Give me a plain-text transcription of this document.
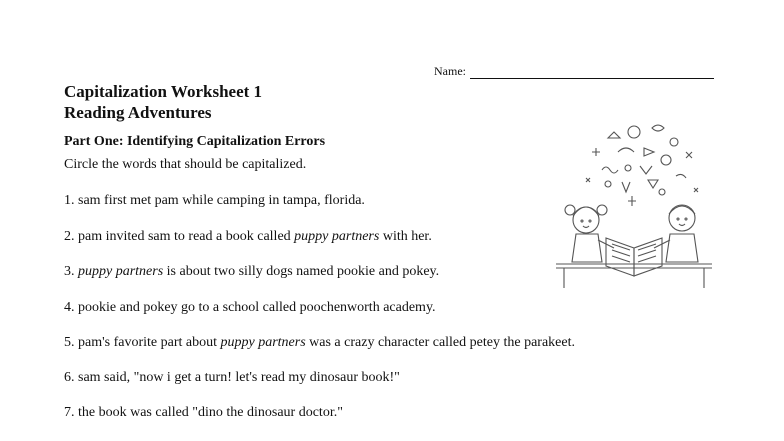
Name:
Capitalization Worksheet 1
Reading Adventures
Part One: Identifying Capitalization Errors
Circle the words that should be capitalized.
1. sam first met pam while camping in tampa, florida.
2. pam invited sam to read a book called puppy partners with her.
3. puppy partners is about two silly dogs named pookie and pokey.
4. pookie and pokey go to a school called poochenworth academy.
5. pam's favorite part about puppy partners was a crazy character called petey the parakeet.
6. sam said, "now i get a turn! let's read my dinosaur book!"
7. the book was called "dino the dinosaur doctor."
